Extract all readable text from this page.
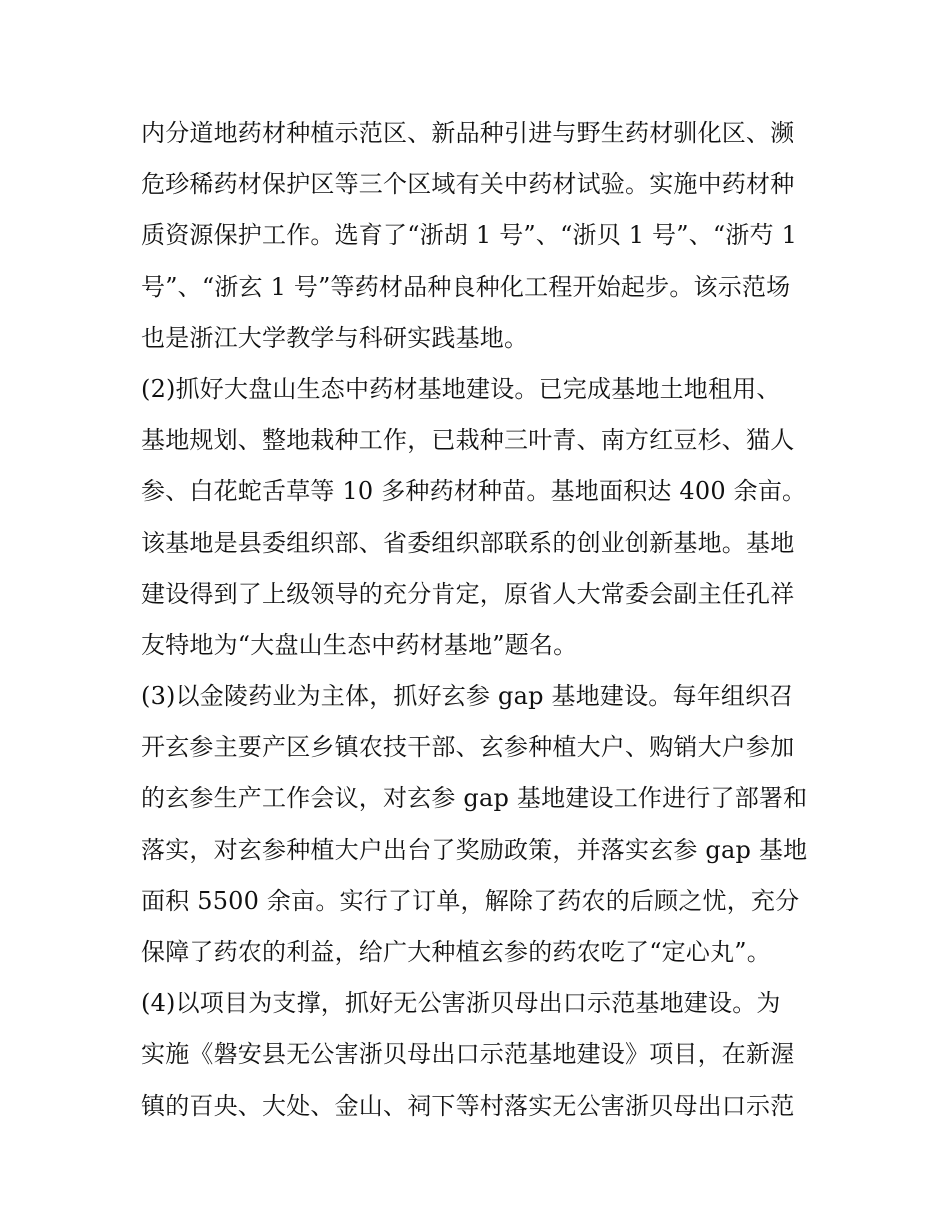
内分道地药材种植示范区、新品种引进与野生药材驯化区、濒
危珍稀药材保护区等三个区域有关中药材试验。实施中药材种
质资源保护工作。选育了“浙胡 1 号”、“浙贝 1 号”、“浙芍 1
号”、“浙玄 1 号”等药材品种良种化工程开始起步。该示范场
也是浙江大学教学与科研实践基地。
(2)抓好大盘山生态中药材基地建设。已完成基地土地租用、
基地规划、整地栽种工作，已栽种三叶青、南方红豆杉、猫人
参、白花蛇舌草等 10 多种药材种苗。基地面积达 400 余亩。
该基地是县委组织部、省委组织部联系的创业创新基地。基地
建设得到了上级领导的充分肯定，原省人大常委会副主任孔祥
友特地为“大盘山生态中药材基地”题名。
(3)以金陵药业为主体，抓好玄参 gap 基地建设。每年组织召
开玄参主要产区乡镇农技干部、玄参种植大户、购销大户参加
的玄参生产工作会议，对玄参 gap 基地建设工作进行了部署和
落实，对玄参种植大户出台了奖励政策，并落实玄参 gap 基地
面积 5500 余亩。实行了订单，解除了药农的后顾之忧，充分
保障了药农的利益，给广大种植玄参的药农吃了“定心丸”。
(4)以项目为支撑，抓好无公害浙贝母出口示范基地建设。为
实施《磐安县无公害浙贝母出口示范基地建设》项目，在新渥
镇的百央、大处、金山、祠下等村落实无公害浙贝母出口示范
